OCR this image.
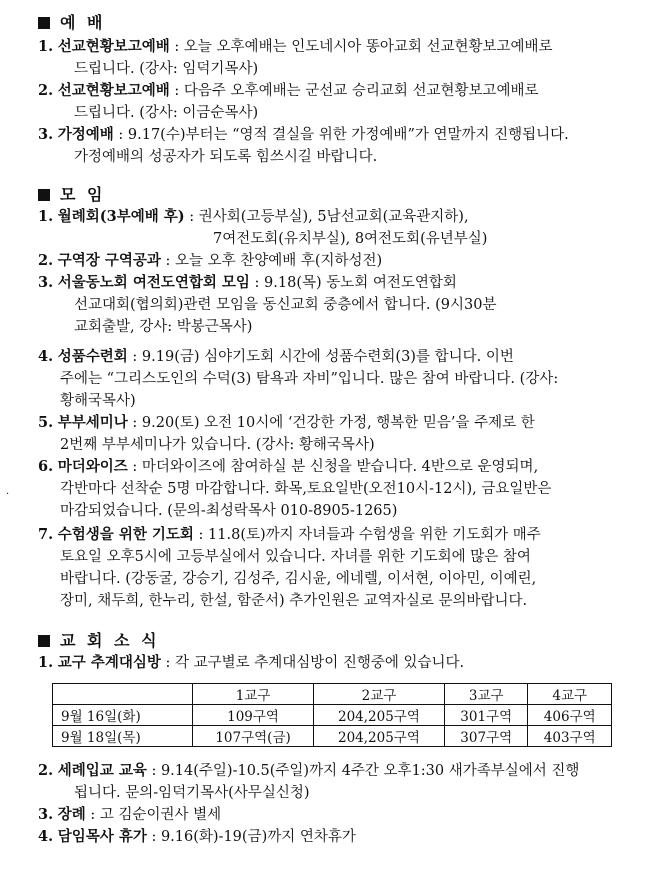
예 배
1. 선교현황보고예배 : 오늘 오후예배는 인도네시아 똥아교회 선교현황보고예배로
드립니다. (강사: 임덕기목사)
2. 선교현황보고예배 : 다음주 오후예배는 군선교 승리교회 선교현황보고예배로
드립니다. (강사: 이금순목사)
3. 가정예배 : 9.17(수)부터는 “영적 결실을 위한 가정예배”가 연말까지 진행됩니다.
가정예배의 성공자가 되도록 힘쓰시길 바랍니다.
모 임
1. 월례회(3부예배 후) : 권사회(고등부실), 5남선교회(교육관지하),
7여전도회(유치부실), 8여전도회(유년부실)
2. 구역장 구역공과 : 오늘 오후 찬양예배 후(지하성전)
3. 서울동노회 여전도연합회 모임 : 9.18(목) 동노회 여전도연합회
선교대회(협의회)관련 모임을 동신교회 중층에서 합니다. (9시30분
교회출발, 강사: 박봉근목사)
4. 성품수련회 : 9.19(금) 심야기도회 시간에 성품수련회(3)를 합니다. 이번
주에는 “그리스도인의 수덕(3) 탐욕과 자비”입니다. 많은 참여 바랍니다. (강사:
황해국목사)
5. 부부세미나 : 9.20(토) 오전 10시에 ‘건강한 가정, 행복한 믿음’을 주제로 한
2번째 부부세미나가 있습니다. (강사: 황해국목사)
6. 마더와이즈 : 마더와이즈에 참여하실 분 신청을 받습니다. 4반으로 운영되며,
각반마다 선착순 5명 마감합니다. 화목,토요일반(오전10시-12시), 금요일반은
마감되었습니다. (문의-최성락목사 010-8905-1265)
7. 수험생을 위한 기도회 : 11.8(토)까지 자녀들과 수험생을 위한 기도회가 매주
토요일 오후5시에 고등부실에서 있습니다. 자녀를 위한 기도회에 많은 참여
바랍니다. (강동굴, 강승기, 김성주, 김시윤, 에네렐, 이서현, 이아민, 이예린,
장미, 채두희, 한누리, 한설, 함준서) 추가인원은 교역자실로 문의바랍니다.
교 회 소 식
1. 교구 추계대심방 : 각 교구별로 추계대심방이 진행중에 있습니다.
	1교구	2교구	3교구	4교구
9월 16일(화)	109구역	204,205구역	301구역	406구역
9월 18일(목)	107구역(금)	204,205구역	307구역	403구역
2. 세례입교 교육 : 9.14(주일)-10.5(주일)까지 4주간 오후1:30 새가족부실에서 진행
됩니다. 문의-임덕기목사(사무실신청)
3. 장례 : 고 김순이권사 별세
4. 담임목사 휴가 : 9.16(화)-19(금)까지 연차휴가
.
